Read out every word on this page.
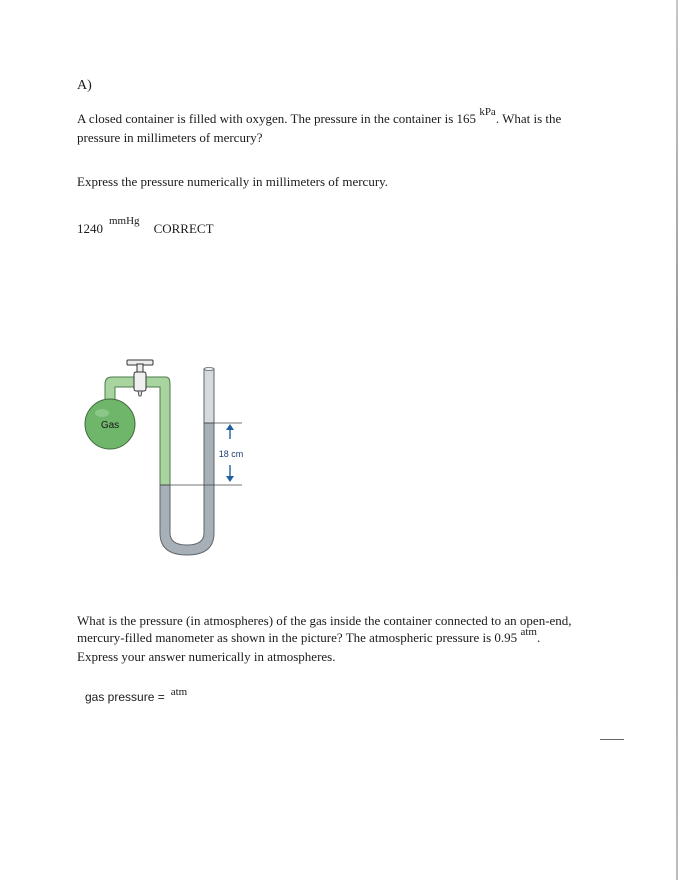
A)
A closed container is filled with oxygen. The pressure in the container is 165 $^{kPa}$. What is the
pressure in millimeters of mercury?
Express the pressure numerically in millimeters of mercury.
1240 $^{mmHg}$ CORRECT
Gas
18 cm
What is the pressure (in atmospheres) of the gas inside the container connected to an open-end,
mercury-filled manometer as shown in the picture? The atmospheric pressure is 0.95 $^{atm}$.
Express your answer numerically in atmospheres.
gas pressure = atm
